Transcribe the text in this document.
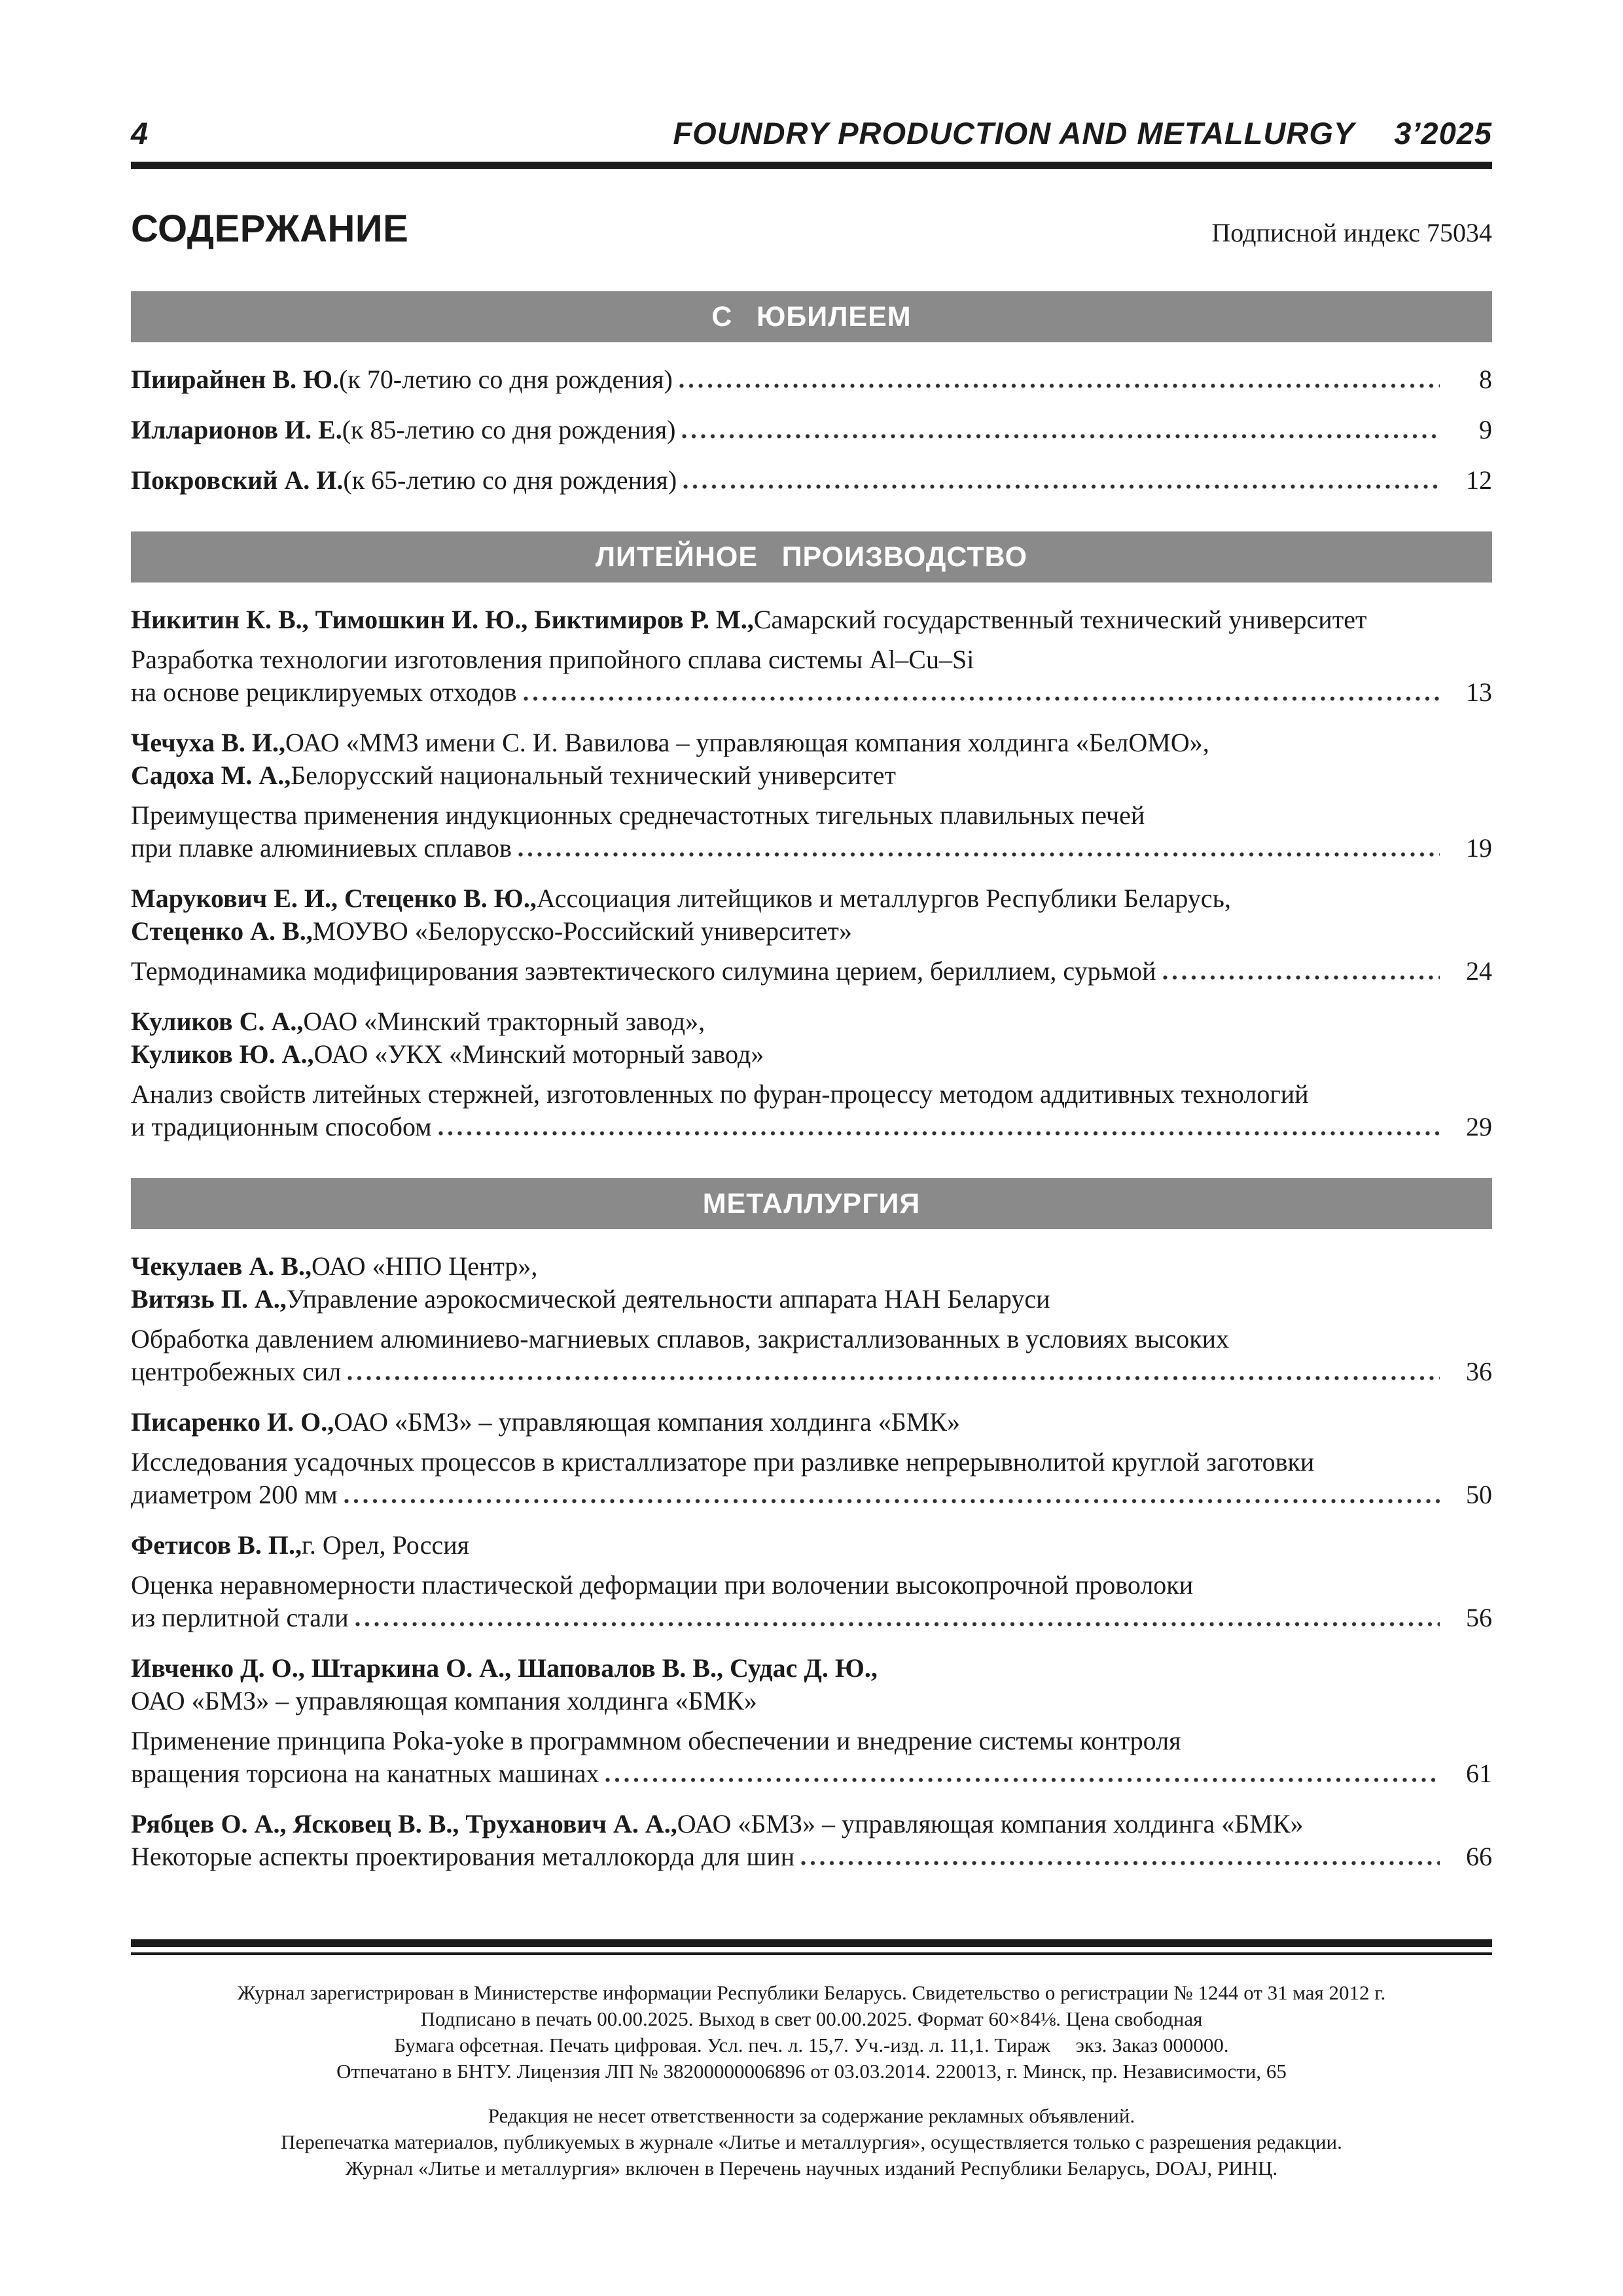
4	FOUNDRY PRODUCTION AND METALLURGY 3’2025
СОДЕРЖАНИЕ	Подписной индекс 75034
С ЮБИЛЕЕМ
Пиирайнен В. Ю. (к 70-летию со дня рождения)	8
Илларионов И. Е. (к 85-летию со дня рождения)	9
Покровский А. И. (к 65-летию со дня рождения)	12
ЛИТЕЙНОЕ ПРОИЗВОДСТВО
Никитин К. В., Тимошкин И. Ю., Биктимиров Р. М., Самарский государственный технический университет
Разработка технологии изготовления припойного сплава системы Al–Cu–Si
на основе рециклируемых отходов	13
Чечуха В. И., ОАО «ММЗ имени С. И. Вавилова – управляющая компания холдинга «БелОМО»,
Садоха М. А., Белорусский национальный технический университет
Преимущества применения индукционных среднечастотных тигельных плавильных печей
при плавке алюминиевых сплавов	19
Марукович Е. И., Стеценко В. Ю., Ассоциация литейщиков и металлургов Республики Беларусь,
Стеценко А. В., МОУВО «Белорусско-Российский университет»
Термодинамика модифицирования заэвтектического силумина церием, бериллием, сурьмой	24
Куликов С. А., ОАО «Минский тракторный завод»,
Куликов Ю. А., ОАО «УКХ «Минский моторный завод»
Анализ свойств литейных стержней, изготовленных по фуран-процессу методом аддитивных технологий
и традиционным способом	29
МЕТАЛЛУРГИЯ
Чекулаев А. В., ОАО «НПО Центр»,
Витязь П. А., Управление аэрокосмической деятельности аппарата НАН Беларуси
Обработка давлением алюминиево-магниевых сплавов, закристаллизованных в условиях высоких
центробежных сил	36
Писаренко И. О., ОАО «БМЗ» – управляющая компания холдинга «БМК»
Исследования усадочных процессов в кристаллизаторе при разливке непрерывнолитой круглой заготовки
диаметром 200 мм	50
Фетисов В. П., г. Орел, Россия
Оценка неравномерности пластической деформации при волочении высокопрочной проволоки
из перлитной стали	56
Ивченко Д. О., Штаркина О. А., Шаповалов В. В., Судас Д. Ю.,
ОАО «БМЗ» – управляющая компания холдинга «БМК»
Применение принципа Poka-yoke в программном обеспечении и внедрение системы контроля
вращения торсиона на канатных машинах	61
Рябцев О. А., Ясковец В. В., Труханович А. А., ОАО «БМЗ» – управляющая компания холдинга «БМК»
Некоторые аспекты проектирования металлокорда для шин	66
Журнал зарегистрирован в Министерстве информации Республики Беларусь. Свидетельство о регистрации № 1244 от 31 мая 2012 г.
Подписано в печать 00.00.2025. Выход в свет 00.00.2025. Формат 60×84⅛. Цена свободная
Бумага офсетная. Печать цифровая. Усл. печ. л. 15,7. Уч.-изд. л. 11,1. Тираж     экз. Заказ 000000.
Отпечатано в БНТУ. Лицензия ЛП № 38200000006896 от 03.03.2014. 220013, г. Минск, пр. Независимости, 65
Редакция не несет ответственности за содержание рекламных объявлений.
Перепечатка материалов, публикуемых в журнале «Литье и металлургия», осуществляется только с разрешения редакции.
Журнал «Литье и металлургия» включен в Перечень научных изданий Республики Беларусь, DOAJ, РИНЦ.
